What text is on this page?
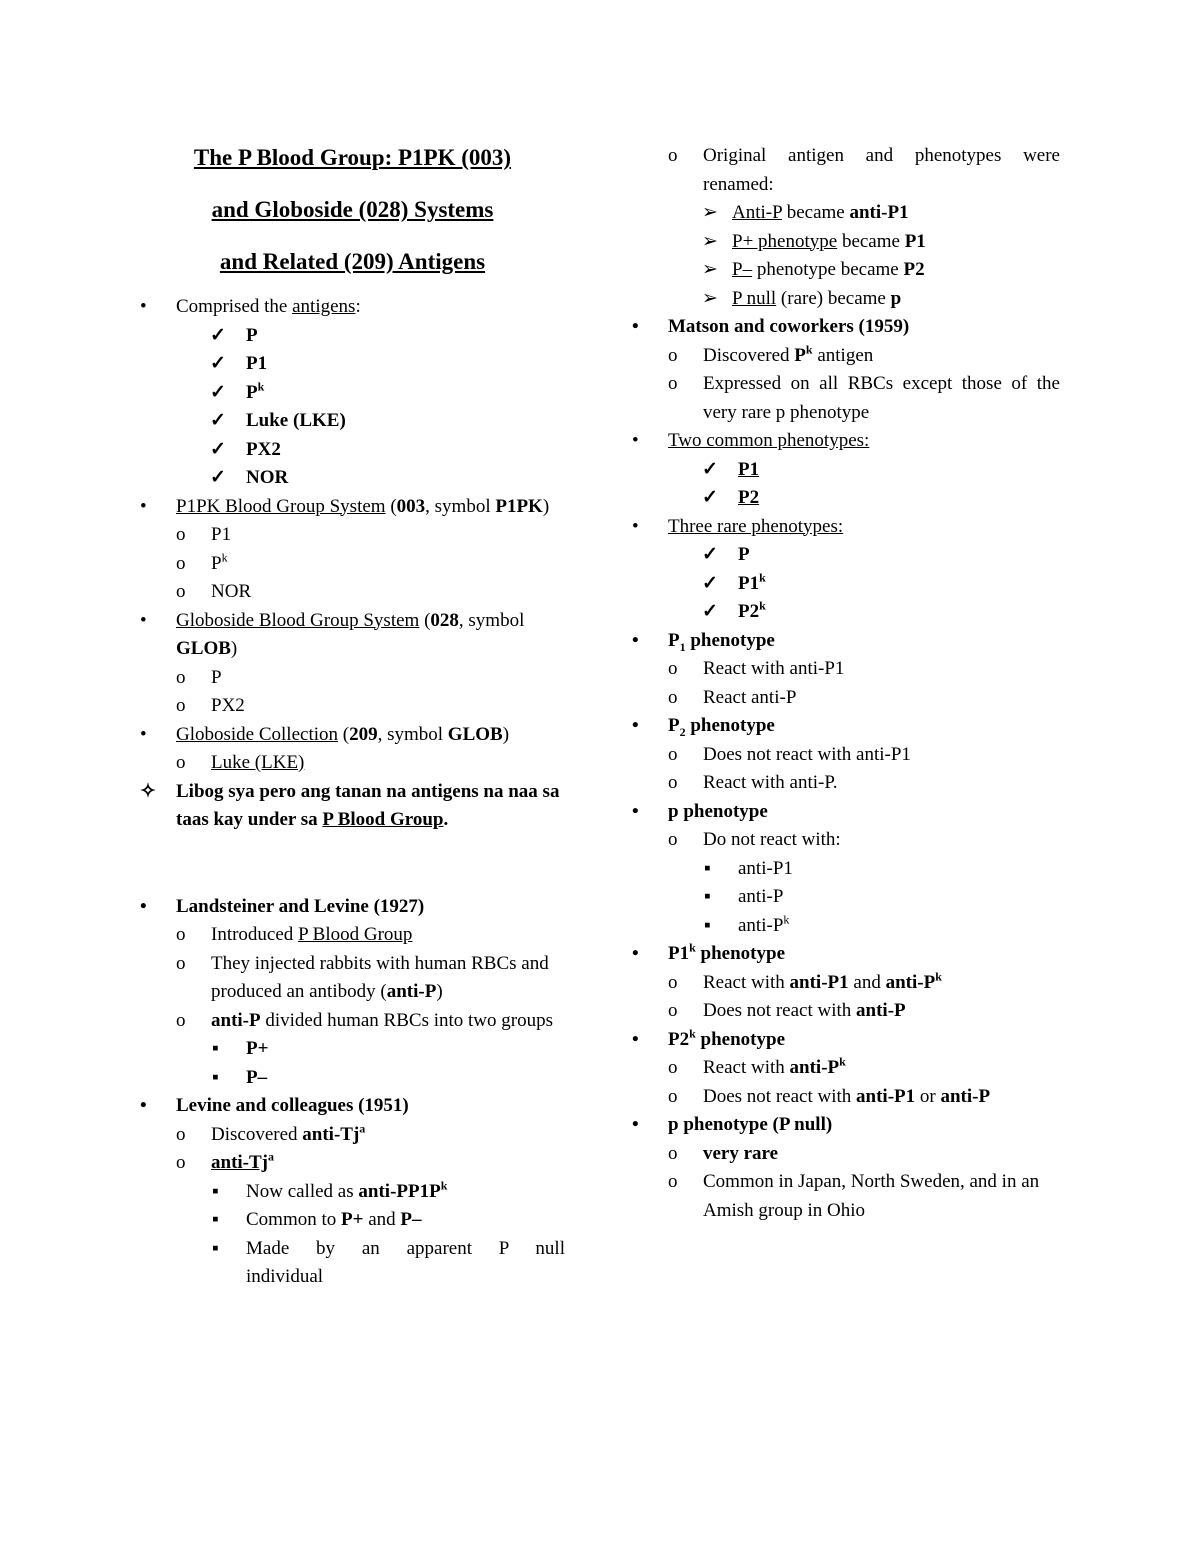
The P Blood Group: P1PK (003)
and Globoside (028) Systems
and Related (209) Antigens
• Comprised the antigens:
✓ P
✓ P1
✓ $P^k$
✓ Luke (LKE)
✓ PX2
✓ NOR
• P1PK Blood Group System (003, symbol P1PK)
o P1
o $P^k$
o NOR
• Globoside Blood Group System (028, symbol GLOB)
o P
o PX2
• Globoside Collection (209, symbol GLOB)
o Luke (LKE)
✧ Libog sya pero ang tanan na antigens na naa sa taas kay under sa P Blood Group.
• Landsteiner and Levine (1927)
o Introduced P Blood Group
o They injected rabbits with human RBCs and produced an antibody (anti-P)
o anti-P divided human RBCs into two groups
▪ P+
▪ P–
• Levine and colleagues (1951)
o Discovered anti-Tj$^a$
o anti-Tj$^a$
▪ Now called as anti-$PP1P^k$
▪ Common to P+ and P–
▪ Made by an apparent P null individual
o Original antigen and phenotypes were renamed:
➢ Anti-P became anti-P1
➢ P+ phenotype became P1
➢ P– phenotype became P2
➢ P null (rare) became p
• Matson and coworkers (1959)
o Discovered $P^k$ antigen
o Expressed on all RBCs except those of the very rare p phenotype
• Two common phenotypes:
✓ P1
✓ P2
• Three rare phenotypes:
✓ P
✓ P1$^k$
✓ P2$^k$
• $P_1$ phenotype
o React with anti-P1
o React anti-P
• $P_2$ phenotype
o Does not react with anti-P1
o React with anti-P.
• p phenotype
o Do not react with:
▪ anti-P1
▪ anti-P
▪ anti-$P^k$
• P1$^k$ phenotype
o React with anti-P1 and anti-$P^k$
o Does not react with anti-P
• P2$^k$ phenotype
o React with anti-$P^k$
o Does not react with anti-P1 or anti-P
• p phenotype (P null)
o very rare
o Common in Japan, North Sweden, and in an Amish group in Ohio
